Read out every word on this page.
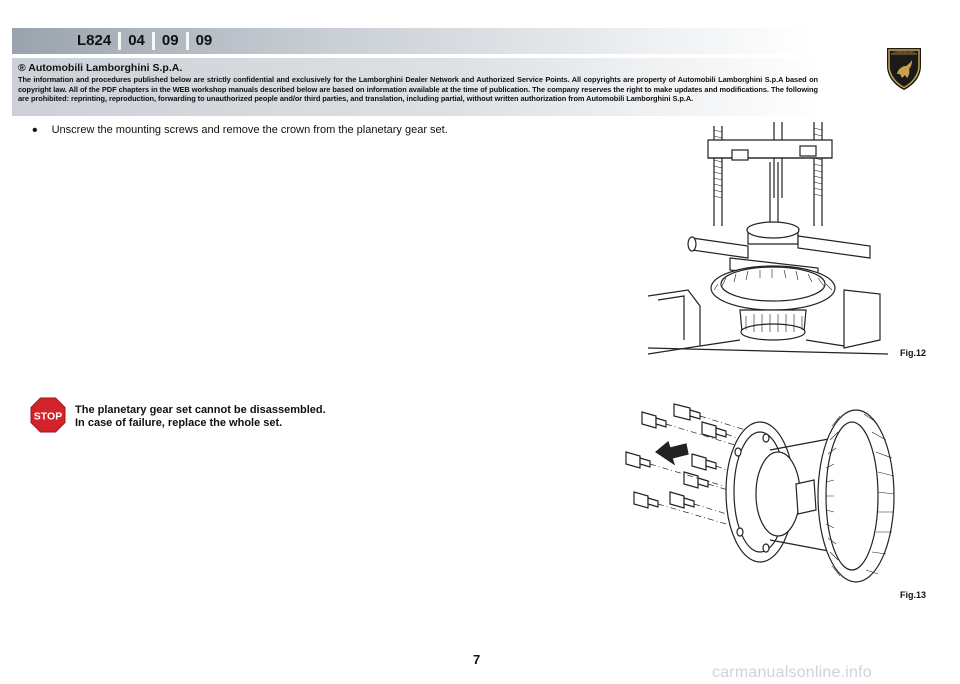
L824	04	09	09
LAMBORGHINI
® Automobili Lamborghini S.p.A.
The information and procedures published below are strictly confidential and exclusively for the Lamborghini Dealer Network and Authorized Service Points. All copyrights are property of Automobili Lamborghini S.p.A based on copyright law. All of the PDF chapters in the WEB workshop manuals described below are based on information available at the time of publication. The company reserves the right to make updates and modifications. The following are prohibited: reprinting, reproduction, forwarding to unauthorized people and/or third parties, and translation, including partial, without written authorization from Automobili Lamborghini S.p.A.
• Unscrew the mounting screws and remove the crown from the planetary gear set.
Fig.12
STOP
The planetary gear set cannot be disassembled.
In case of failure, replace the whole set.
Fig.13
7
carmanualsonline.info
